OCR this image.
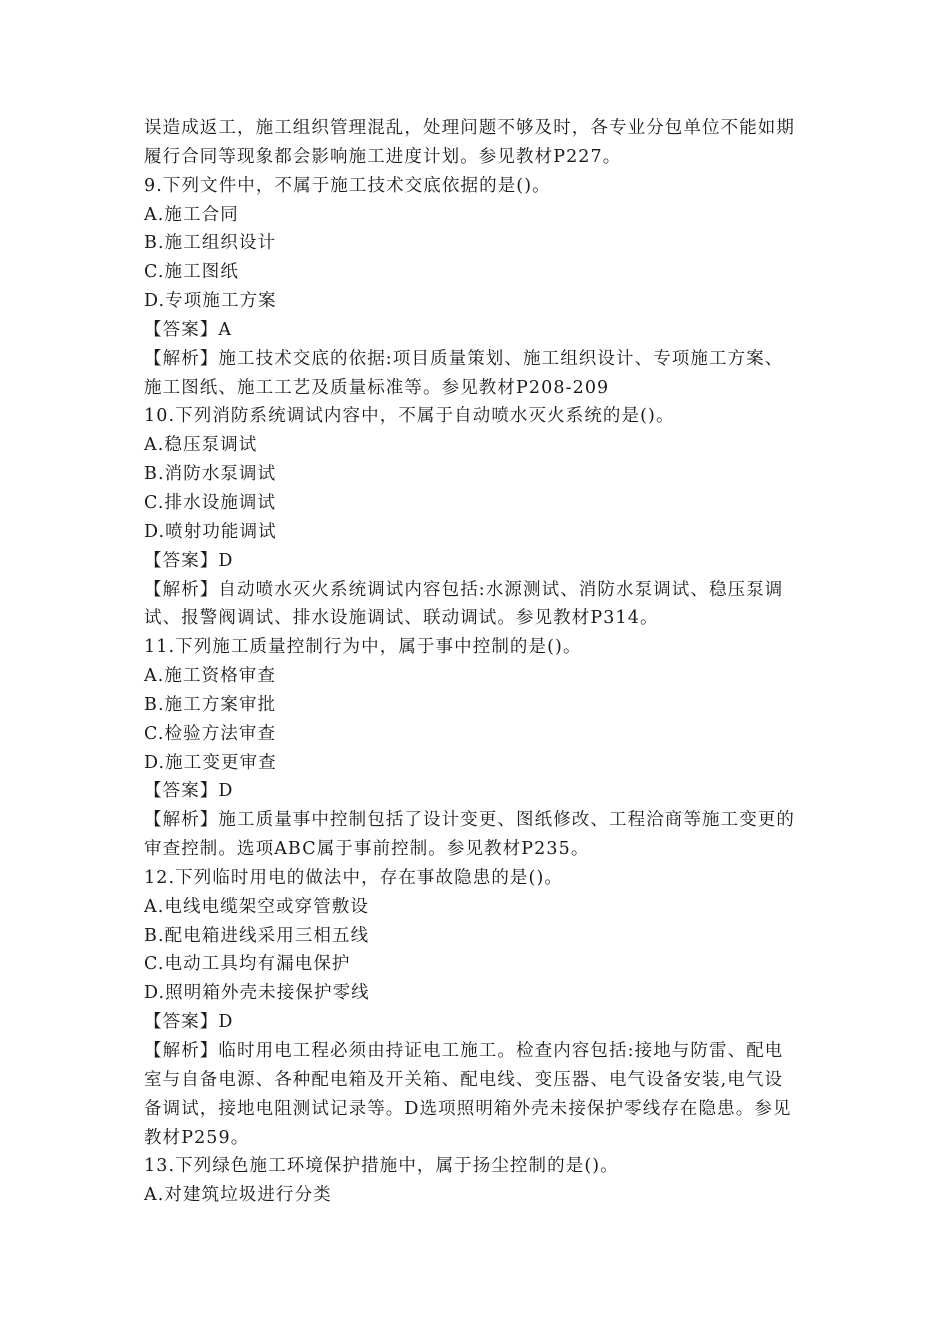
误造成返工，施工组织管理混乱，处理问题不够及时，各专业分包单位不能如期
履行合同等现象都会影响施工进度计划。参见教材P227。
9.下列文件中，不属于施工技术交底依据的是()。
A.施工合同
B.施工组织设计
C.施工图纸
D.专项施工方案
【答案】A
【解析】施工技术交底的依据:项目质量策划、施工组织设计、专项施工方案、
施工图纸、施工工艺及质量标准等。参见教材P208-209
10.下列消防系统调试内容中，不属于自动喷水灭火系统的是()。
A.稳压泵调试
B.消防水泵调试
C.排水设施调试
D.喷射功能调试
【答案】D
【解析】自动喷水灭火系统调试内容包括:水源测试、消防水泵调试、稳压泵调
试、报警阀调试、排水设施调试、联动调试。参见教材P314。
11.下列施工质量控制行为中，属于事中控制的是()。
A.施工资格审查
B.施工方案审批
C.检验方法审查
D.施工变更审查
【答案】D
【解析】施工质量事中控制包括了设计变更、图纸修改、工程洽商等施工变更的
审查控制。选项ABC属于事前控制。参见教材P235。
12.下列临时用电的做法中，存在事故隐患的是()。
A.电线电缆架空或穿管敷设
B.配电箱进线采用三相五线
C.电动工具均有漏电保护
D.照明箱外壳未接保护零线
【答案】D
【解析】临时用电工程必须由持证电工施工。检查内容包括:接地与防雷、配电
室与自备电源、各种配电箱及开关箱、配电线、变压器、电气设备安装,电气设
备调试，接地电阻测试记录等。D选项照明箱外壳未接保护零线存在隐患。参见
教材P259。
13.下列绿色施工环境保护措施中，属于扬尘控制的是()。
A.对建筑垃圾进行分类
